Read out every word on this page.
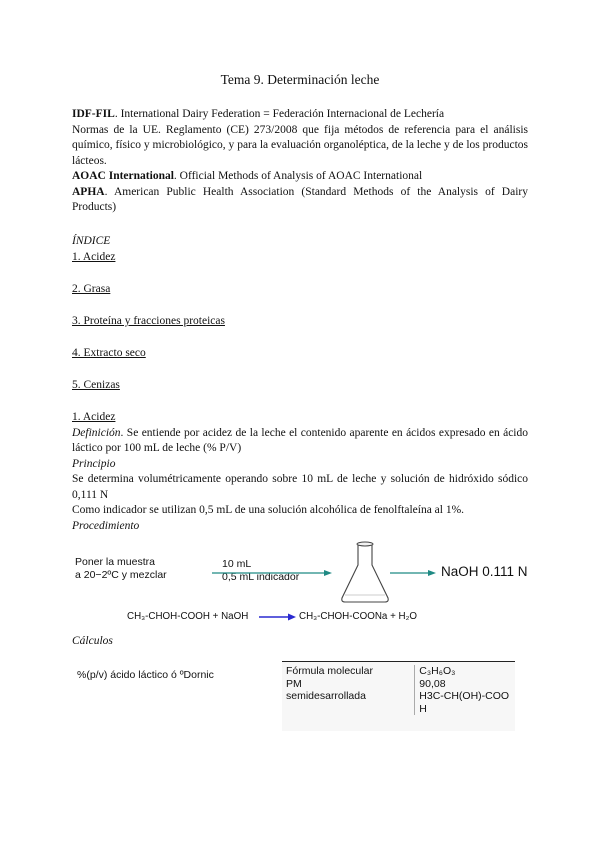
Tema 9. Determinación leche
IDF-FIL. International Dairy Federation = Federación Internacional de Lechería
Normas de la UE. Reglamento (CE) 273/2008 que fija métodos de referencia para el análisis químico, físico y microbiológico, y para la evaluación organoléptica, de la leche y de los productos lácteos.
AOAC International. Official Methods of Analysis of AOAC International
APHA. American Public Health Association (Standard Methods of the Analysis of Dairy Products)
ÍNDICE
1. Acidez
2. Grasa
3. Proteína y fracciones proteicas
4. Extracto seco
5. Cenizas
1. Acidez
Definición. Se entiende por acidez de la leche el contenido aparente en ácidos expresado en ácido láctico por 100 mL de leche (% P/V)
Principio
Se determina volumétricamente operando sobre 10 mL de leche y solución de hidróxido sódico 0,111 N
Como indicador se utilizan 0,5 mL de una solución alcohólica de fenolftaleína al 1%.
Procedimiento
Poner la muestra
a 20−2ºC y mezclar
10 mL
0,5 mL indicador	NaOH 0.111 N
CH₃-CHOH-COOH + NaOH → CH₃-CHOH-COONa + H₂O
Cálculos
%(p/v) ácido láctico ó ºDornic	Fórmula molecular	C₃H₆O₃
PM	90,08
semidesarrollada	H3C-CH(OH)-COOH
